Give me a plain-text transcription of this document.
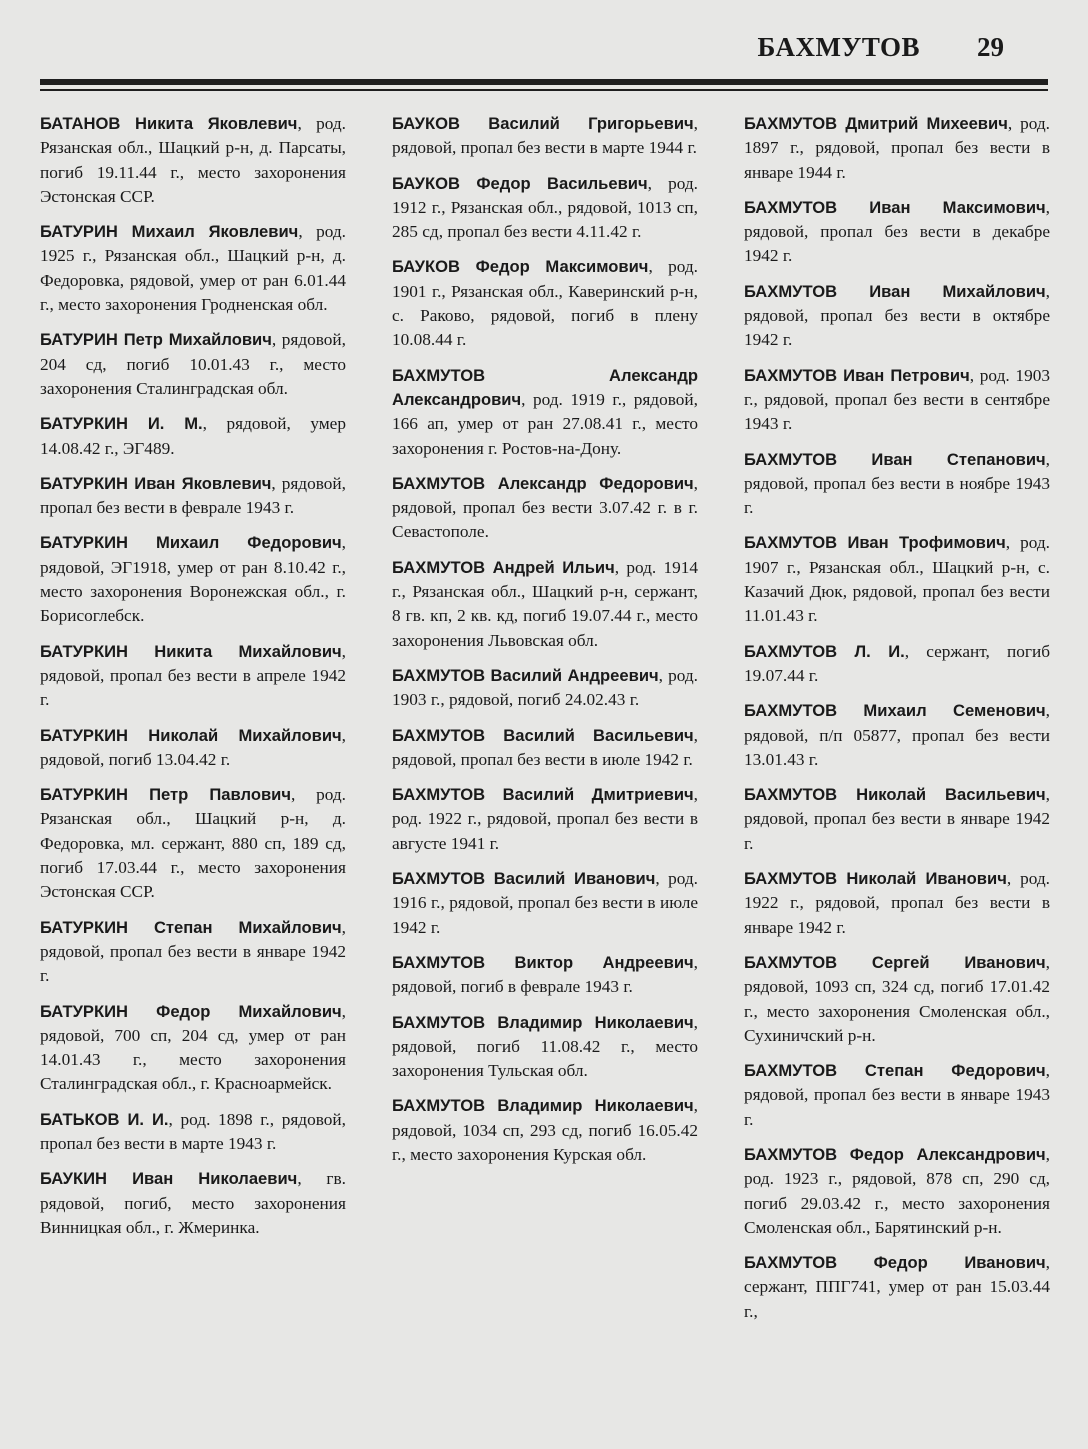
БАХМУТОВ 29

БАТАНОВ Никита Яковлевич, род. Рязанская обл., Шацкий р-н, д. Парсаты, погиб 19.11.44 г., место захоронения Эстонская ССР.

БАТУРИН Михаил Яковлевич, род. 1925 г., Рязанская обл., Шацкий р-н, д. Федоровка, рядовой, умер от ран 6.01.44 г., место захоронения Гродненская обл.

БАТУРИН Петр Михайлович, рядовой, 204 сд, погиб 10.01.43 г., место захоронения Сталинградская обл.

БАТУРКИН И. М., рядовой, умер 14.08.42 г., ЭГ489.

БАТУРКИН Иван Яковлевич, рядовой, пропал без вести в феврале 1943 г.

БАТУРКИН Михаил Федорович, рядовой, ЭГ1918, умер от ран 8.10.42 г., место захоронения Воронежская обл., г. Борисоглебск.

БАТУРКИН Никита Михайлович, рядовой, пропал без вести в апреле 1942 г.

БАТУРКИН Николай Михайлович, рядовой, погиб 13.04.42 г.

БАТУРКИН Петр Павлович, род. Рязанская обл., Шацкий р-н, д. Федоровка, мл. сержант, 880 сп, 189 сд, погиб 17.03.44 г., место захоронения Эстонская ССР.

БАТУРКИН Степан Михайлович, рядовой, пропал без вести в январе 1942 г.

БАТУРКИН Федор Михайлович, рядовой, 700 сп, 204 сд, умер от ран 14.01.43 г., место захоронения Сталинградская обл., г. Красноармейск.

БАТЬКОВ И. И., род. 1898 г., рядовой, пропал без вести в марте 1943 г.

БАУКИН Иван Николаевич, гв. рядовой, погиб, место захоронения Винницкая обл., г. Жмеринка.

БАУКОВ Василий Григорьевич, рядовой, пропал без вести в марте 1944 г.

БАУКОВ Федор Васильевич, род. 1912 г., Рязанская обл., рядовой, 1013 сп, 285 сд, пропал без вести 4.11.42 г.

БАУКОВ Федор Максимович, род. 1901 г., Рязанская обл., Каверинский р-н, с. Раково, рядовой, погиб в плену 10.08.44 г.

БАХМУТОВ Александр Александрович, род. 1919 г., рядовой, 166 ап, умер от ран 27.08.41 г., место захоронения г. Ростов-на-Дону.

БАХМУТОВ Александр Федорович, рядовой, пропал без вести 3.07.42 г. в г. Севастополе.

БАХМУТОВ Андрей Ильич, род. 1914 г., Рязанская обл., Шацкий р-н, сержант, 8 гв. кп, 2 кв. кд, погиб 19.07.44 г., место захоронения Львовская обл.

БАХМУТОВ Василий Андреевич, род. 1903 г., рядовой, погиб 24.02.43 г.

БАХМУТОВ Василий Васильевич, рядовой, пропал без вести в июле 1942 г.

БАХМУТОВ Василий Дмитриевич, род. 1922 г., рядовой, пропал без вести в августе 1941 г.

БАХМУТОВ Василий Иванович, род. 1916 г., рядовой, пропал без вести в июле 1942 г.

БАХМУТОВ Виктор Андреевич, рядовой, погиб в феврале 1943 г.

БАХМУТОВ Владимир Николаевич, рядовой, погиб 11.08.42 г., место захоронения Тульская обл.

БАХМУТОВ Владимир Николаевич, рядовой, 1034 сп, 293 сд, погиб 16.05.42 г., место захоронения Курская обл.

БАХМУТОВ Дмитрий Михеевич, род. 1897 г., рядовой, пропал без вести в январе 1944 г.

БАХМУТОВ Иван Максимович, рядовой, пропал без вести в декабре 1942 г.

БАХМУТОВ Иван Михайлович, рядовой, пропал без вести в октябре 1942 г.

БАХМУТОВ Иван Петрович, род. 1903 г., рядовой, пропал без вести в сентябре 1943 г.

БАХМУТОВ Иван Степанович, рядовой, пропал без вести в ноябре 1943 г.

БАХМУТОВ Иван Трофимович, род. 1907 г., Рязанская обл., Шацкий р-н, с. Казачий Дюк, рядовой, пропал без вести 11.01.43 г.

БАХМУТОВ Л. И., сержант, погиб 19.07.44 г.

БАХМУТОВ Михаил Семенович, рядовой, п/п 05877, пропал без вести 13.01.43 г.

БАХМУТОВ Николай Васильевич, рядовой, пропал без вести в январе 1942 г.

БАХМУТОВ Николай Иванович, род. 1922 г., рядовой, пропал без вести в январе 1942 г.

БАХМУТОВ Сергей Иванович, рядовой, 1093 сп, 324 сд, погиб 17.01.42 г., место захоронения Смоленская обл., Сухиничский р-н.

БАХМУТОВ Степан Федорович, рядовой, пропал без вести в январе 1943 г.

БАХМУТОВ Федор Александрович, род. 1923 г., рядовой, 878 сп, 290 сд, погиб 29.03.42 г., место захоронения Смоленская обл., Барятинский р-н.

БАХМУТОВ Федор Иванович, сержант, ППГ741, умер от ран 15.03.44 г.,
